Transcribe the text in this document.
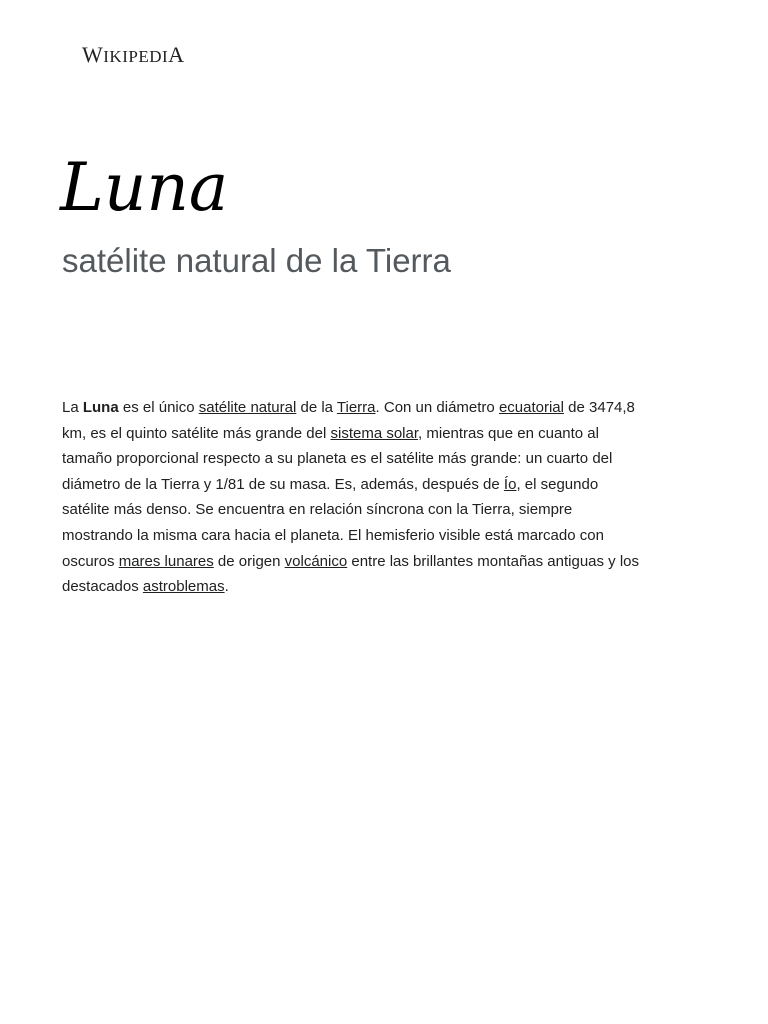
WIKIPEDIA
Luna
satélite natural de la Tierra

La Luna es el único satélite natural de la Tierra. Con un diámetro ecuatorial de 3474,8 km, es el quinto satélite más grande del sistema solar, mientras que en cuanto al tamaño proporcional respecto a su planeta es el satélite más grande: un cuarto del diámetro de la Tierra y 1/81 de su masa. Es, además, después de Ío, el segundo satélite más denso. Se encuentra en relación síncrona con la Tierra, siempre mostrando la misma cara hacia el planeta. El hemisferio visible está marcado con oscuros mares lunares de origen volcánico entre las brillantes montañas antiguas y los destacados astroblemas.
